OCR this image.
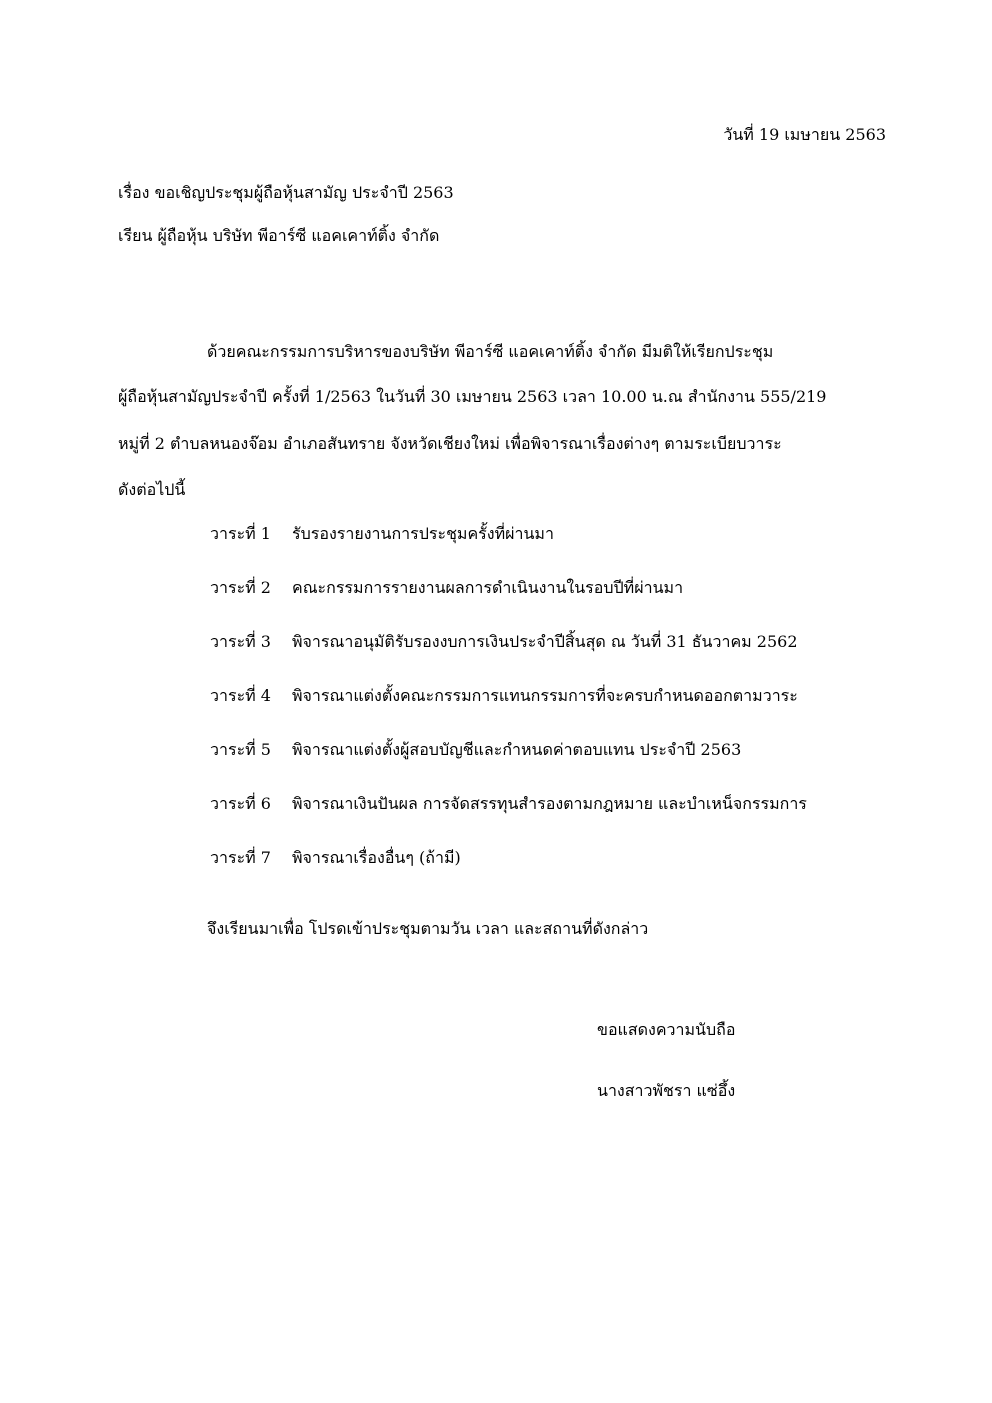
วันที่ 19 เมษายน 2563
เรื่อง ขอเชิญประชุมผู้ถือหุ้นสามัญ ประจำปี 2563
เรียน ผู้ถือหุ้น บริษัท พีอาร์ซี แอคเคาท์ติ้ง จำกัด
ด้วยคณะกรรมการบริหารของบริษัท พีอาร์ซี แอคเคาท์ติ้ง จำกัด มีมติให้เรียกประชุม
ผู้ถือหุ้นสามัญประจำปี ครั้งที่ 1/2563 ในวันที่ 30 เมษายน 2563 เวลา 10.00 น.ณ สำนักงาน 555/219
หมู่ที่ 2 ตำบลหนองจ๊อม อำเภอสันทราย จังหวัดเชียงใหม่ เพื่อพิจารณาเรื่องต่างๆ ตามระเบียบวาระ
ดังต่อไปนี้
วาระที่ 1 รับรองรายงานการประชุมครั้งที่ผ่านมา
วาระที่ 2 คณะกรรมการรายงานผลการดำเนินงานในรอบปีที่ผ่านมา
วาระที่ 3 พิจารณาอนุมัติรับรองงบการเงินประจำปีสิ้นสุด ณ วันที่ 31 ธันวาคม 2562
วาระที่ 4 พิจารณาแต่งตั้งคณะกรรมการแทนกรรมการที่จะครบกำหนดออกตามวาระ
วาระที่ 5 พิจารณาแต่งตั้งผู้สอบบัญชีและกำหนดค่าตอบแทน ประจำปี 2563
วาระที่ 6 พิจารณาเงินปันผล การจัดสรรทุนสำรองตามกฎหมาย และบำเหน็จกรรมการ
วาระที่ 7 พิจารณาเรื่องอื่นๆ (ถ้ามี)
จึงเรียนมาเพื่อ โปรดเข้าประชุมตามวัน เวลา และสถานที่ดังกล่าว
ขอแสดงความนับถือ
นางสาวพัชรา แซ่อึ้ง
